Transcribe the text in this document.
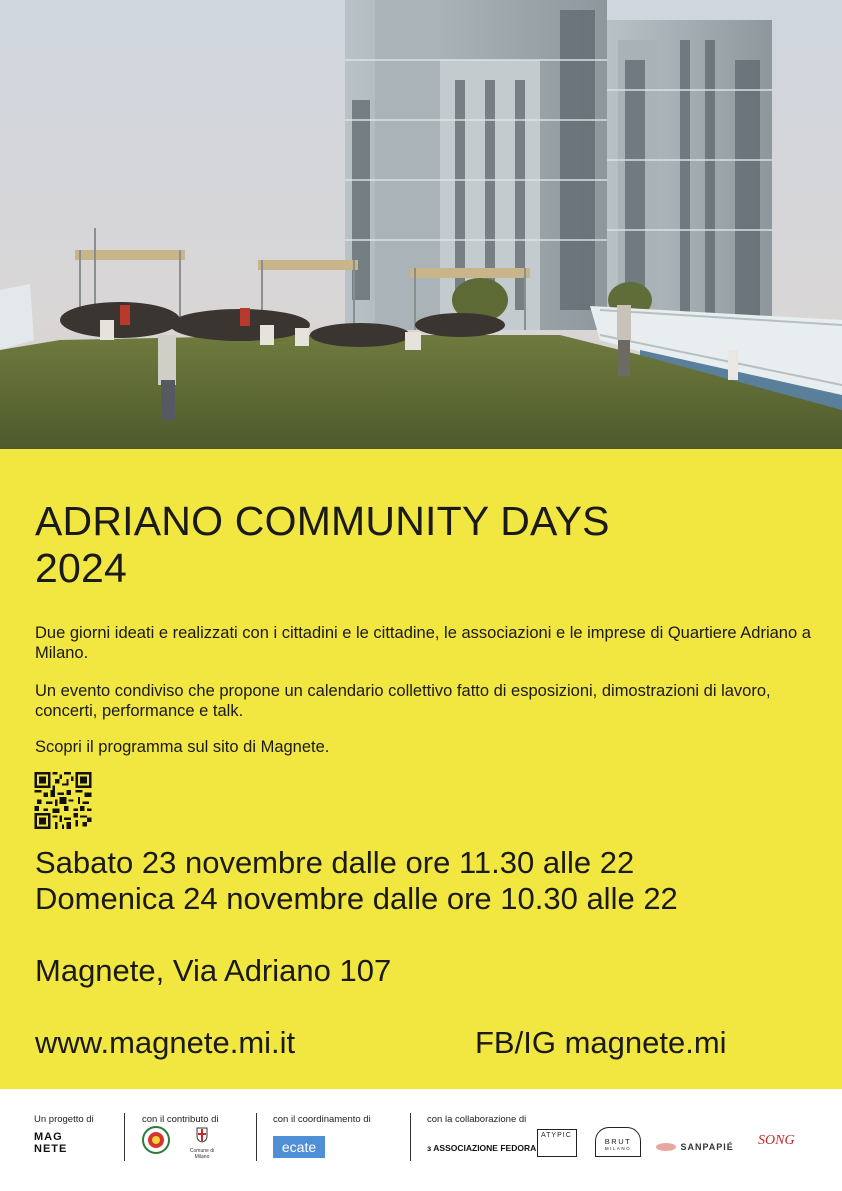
ADRIANO COMMUNITY DAYS
2024

Due giorni ideati e realizzati con i cittadini e le cittadine, le associazioni e le imprese di Quartiere Adriano a Milano.

Un evento condiviso che propone un calendario collettivo fatto di esposizioni, dimostrazioni di lavoro, concerti, performance e talk.

Scopri il programma sul sito di Magnete.

Sabato 23 novembre dalle ore 11.30 alle 22
Domenica 24 novembre dalle ore 10.30 alle 22
Magnete, Via Adriano 107
www.magnete.mi.it	FB/IG magnete.mi
Un progetto di
MAG
NETE
con il contributo di
Comune di Milano
con il coordinamento di
ecate
con la collaborazione di
ɜ ASSOCIAZIONE FEDORA
ATYPIC
BRUT
MILANO	SANPAPIÉ SONG
